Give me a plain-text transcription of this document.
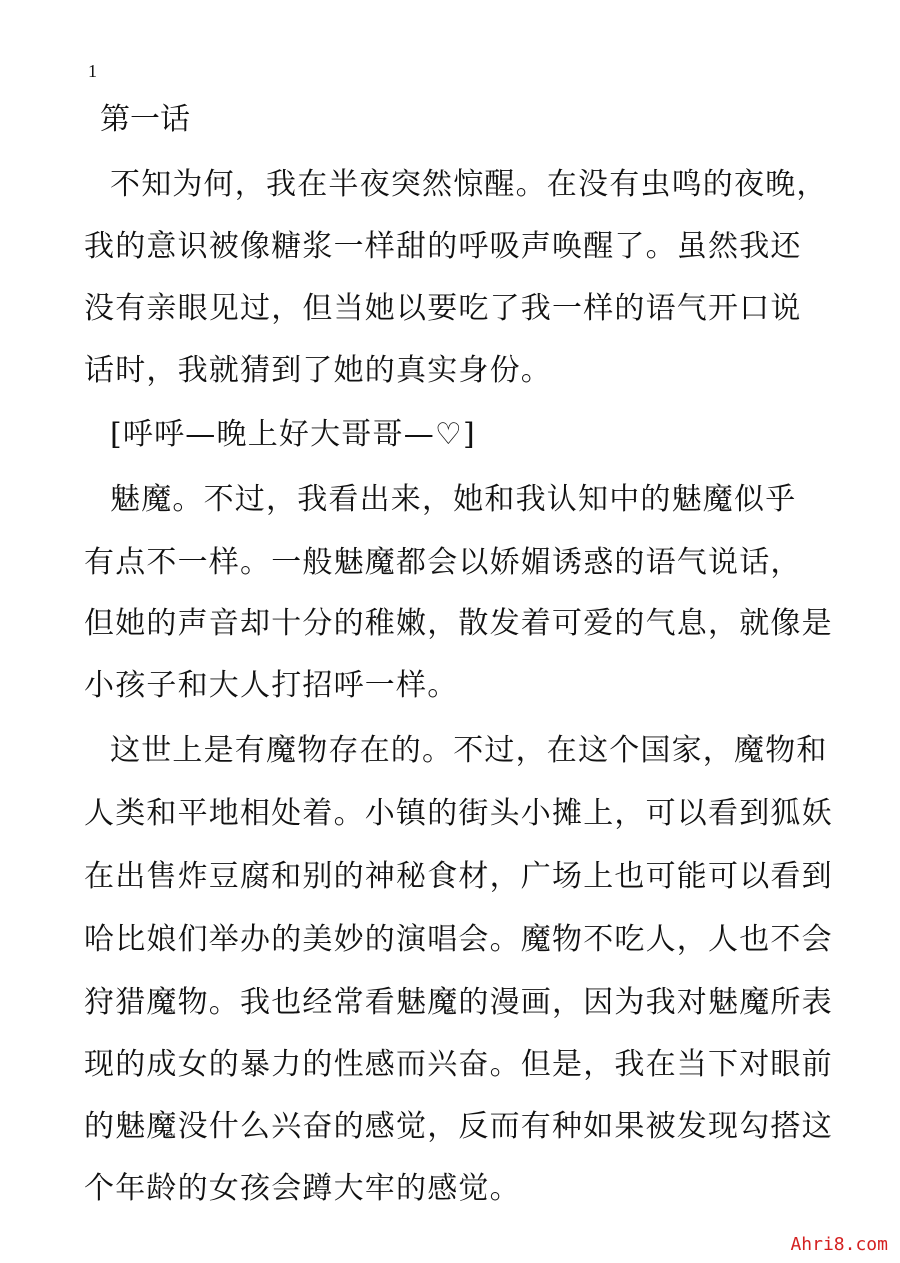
1
第一话
不知为何，我在半夜突然惊醒。在没有虫鸣的夜晚，
我的意识被像糖浆一样甜的呼吸声唤醒了。虽然我还
没有亲眼见过，但当她以要吃了我一样的语气开口说
话时，我就猜到了她的真实身份。
[呼呼—晚上好大哥哥—♡]
魅魔。不过，我看出来，她和我认知中的魅魔似乎
有点不一样。一般魅魔都会以娇媚诱惑的语气说话，
但她的声音却十分的稚嫩，散发着可爱的气息，就像是
小孩子和大人打招呼一样。
这世上是有魔物存在的。不过，在这个国家，魔物和
人类和平地相处着。小镇的街头小摊上，可以看到狐妖
在出售炸豆腐和别的神秘食材，广场上也可能可以看到
哈比娘们举办的美妙的演唱会。魔物不吃人，人也不会
狩猎魔物。我也经常看魅魔的漫画，因为我对魅魔所表
现的成女的暴力的性感而兴奋。但是，我在当下对眼前
的魅魔没什么兴奋的感觉，反而有种如果被发现勾搭这
个年龄的女孩会蹲大牢的感觉。
Ahri8.com
